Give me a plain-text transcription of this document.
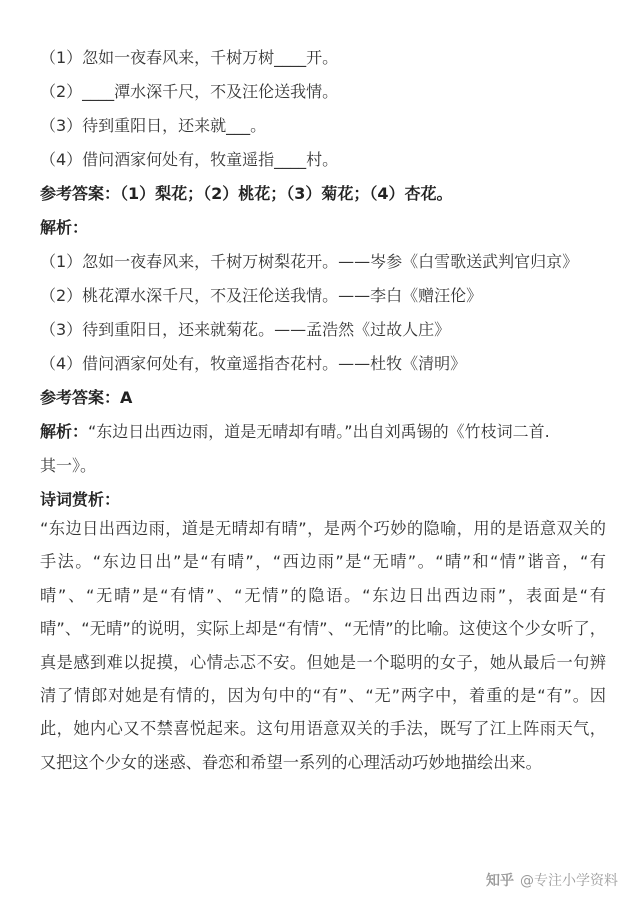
（1）忽如一夜春风来，千树万树____开。
（2）____潭水深千尺，不及汪伦送我情。
（3）待到重阳日，还来就___。
（4）借问酒家何处有，牧童遥指____村。
参考答案：（1）梨花；（2）桃花；（3）菊花；（4）杏花。
解析：
（1）忽如一夜春风来，千树万树梨花开。——岑参《白雪歌送武判官归京》
（2）桃花潭水深千尺，不及汪伦送我情。——李白《赠汪伦》
（3）待到重阳日，还来就菊花。——孟浩然《过故人庄》
（4）借问酒家何处有，牧童遥指杏花村。——杜牧《清明》
参考答案：A
解析：“东边日出西边雨，道是无晴却有晴。”出自刘禹锡的《竹枝词二首.
其一》。
诗词赏析：
“东边日出西边雨，道是无晴却有晴”，是两个巧妙的隐喻，用的是语意双关的手法。“东边日出”是“有晴”，“西边雨”是“无晴”。“晴”和“情”谐音，“有晴”、“无晴”是“有情”、“无情”的隐语。“东边日出西边雨”，表面是“有晴”、“无晴”的说明，实际上却是“有情”、“无情”的比喻。这使这个少女听了，真是感到难以捉摸，心情忐忑不安。但她是一个聪明的女子，她从最后一句辨清了情郎对她是有情的，因为句中的“有”、“无”两字中，着重的是“有”。因此，她内心又不禁喜悦起来。这句用语意双关的手法，既写了江上阵雨天气，又把这个少女的迷惑、眷恋和希望一系列的心理活动巧妙地描绘出来。
知乎 @专注小学资料
